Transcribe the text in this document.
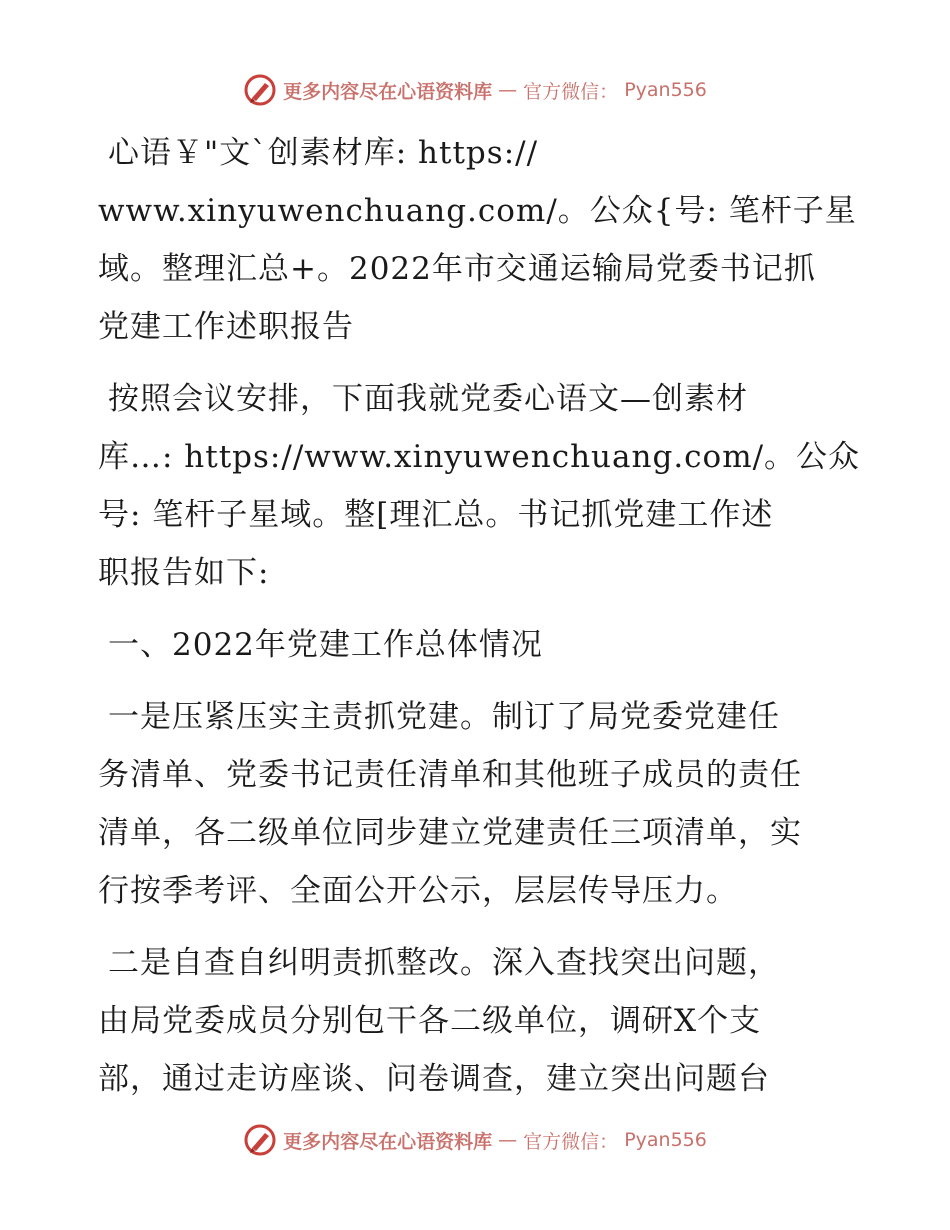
更多内容尽在心语资料库 — 官方微信： Pyan556

心语￥"文`创素材库: https://
www.xinyuwenchuang.com/。公众{号: 笔杆子星
域。整理汇总+。2022年市交通运输局党委书记抓
党建工作述职报告

按照会议安排，下面我就党委心语文—创素材
库…: https://www.xinyuwenchuang.com/。公众
号: 笔杆子星域。整[理汇总。书记抓党建工作述
职报告如下:

一、2022年党建工作总体情况

一是压紧压实主责抓党建。制订了局党委党建任
务清单、党委书记责任清单和其他班子成员的责任
清单，各二级单位同步建立党建责任三项清单，实
行按季考评、全面公开公示，层层传导压力。

二是自查自纠明责抓整改。深入查找突出问题，
由局党委成员分别包干各二级单位，调研X个支
部，通过走访座谈、问卷调查，建立突出问题台

更多内容尽在心语资料库 — 官方微信： Pyan556
